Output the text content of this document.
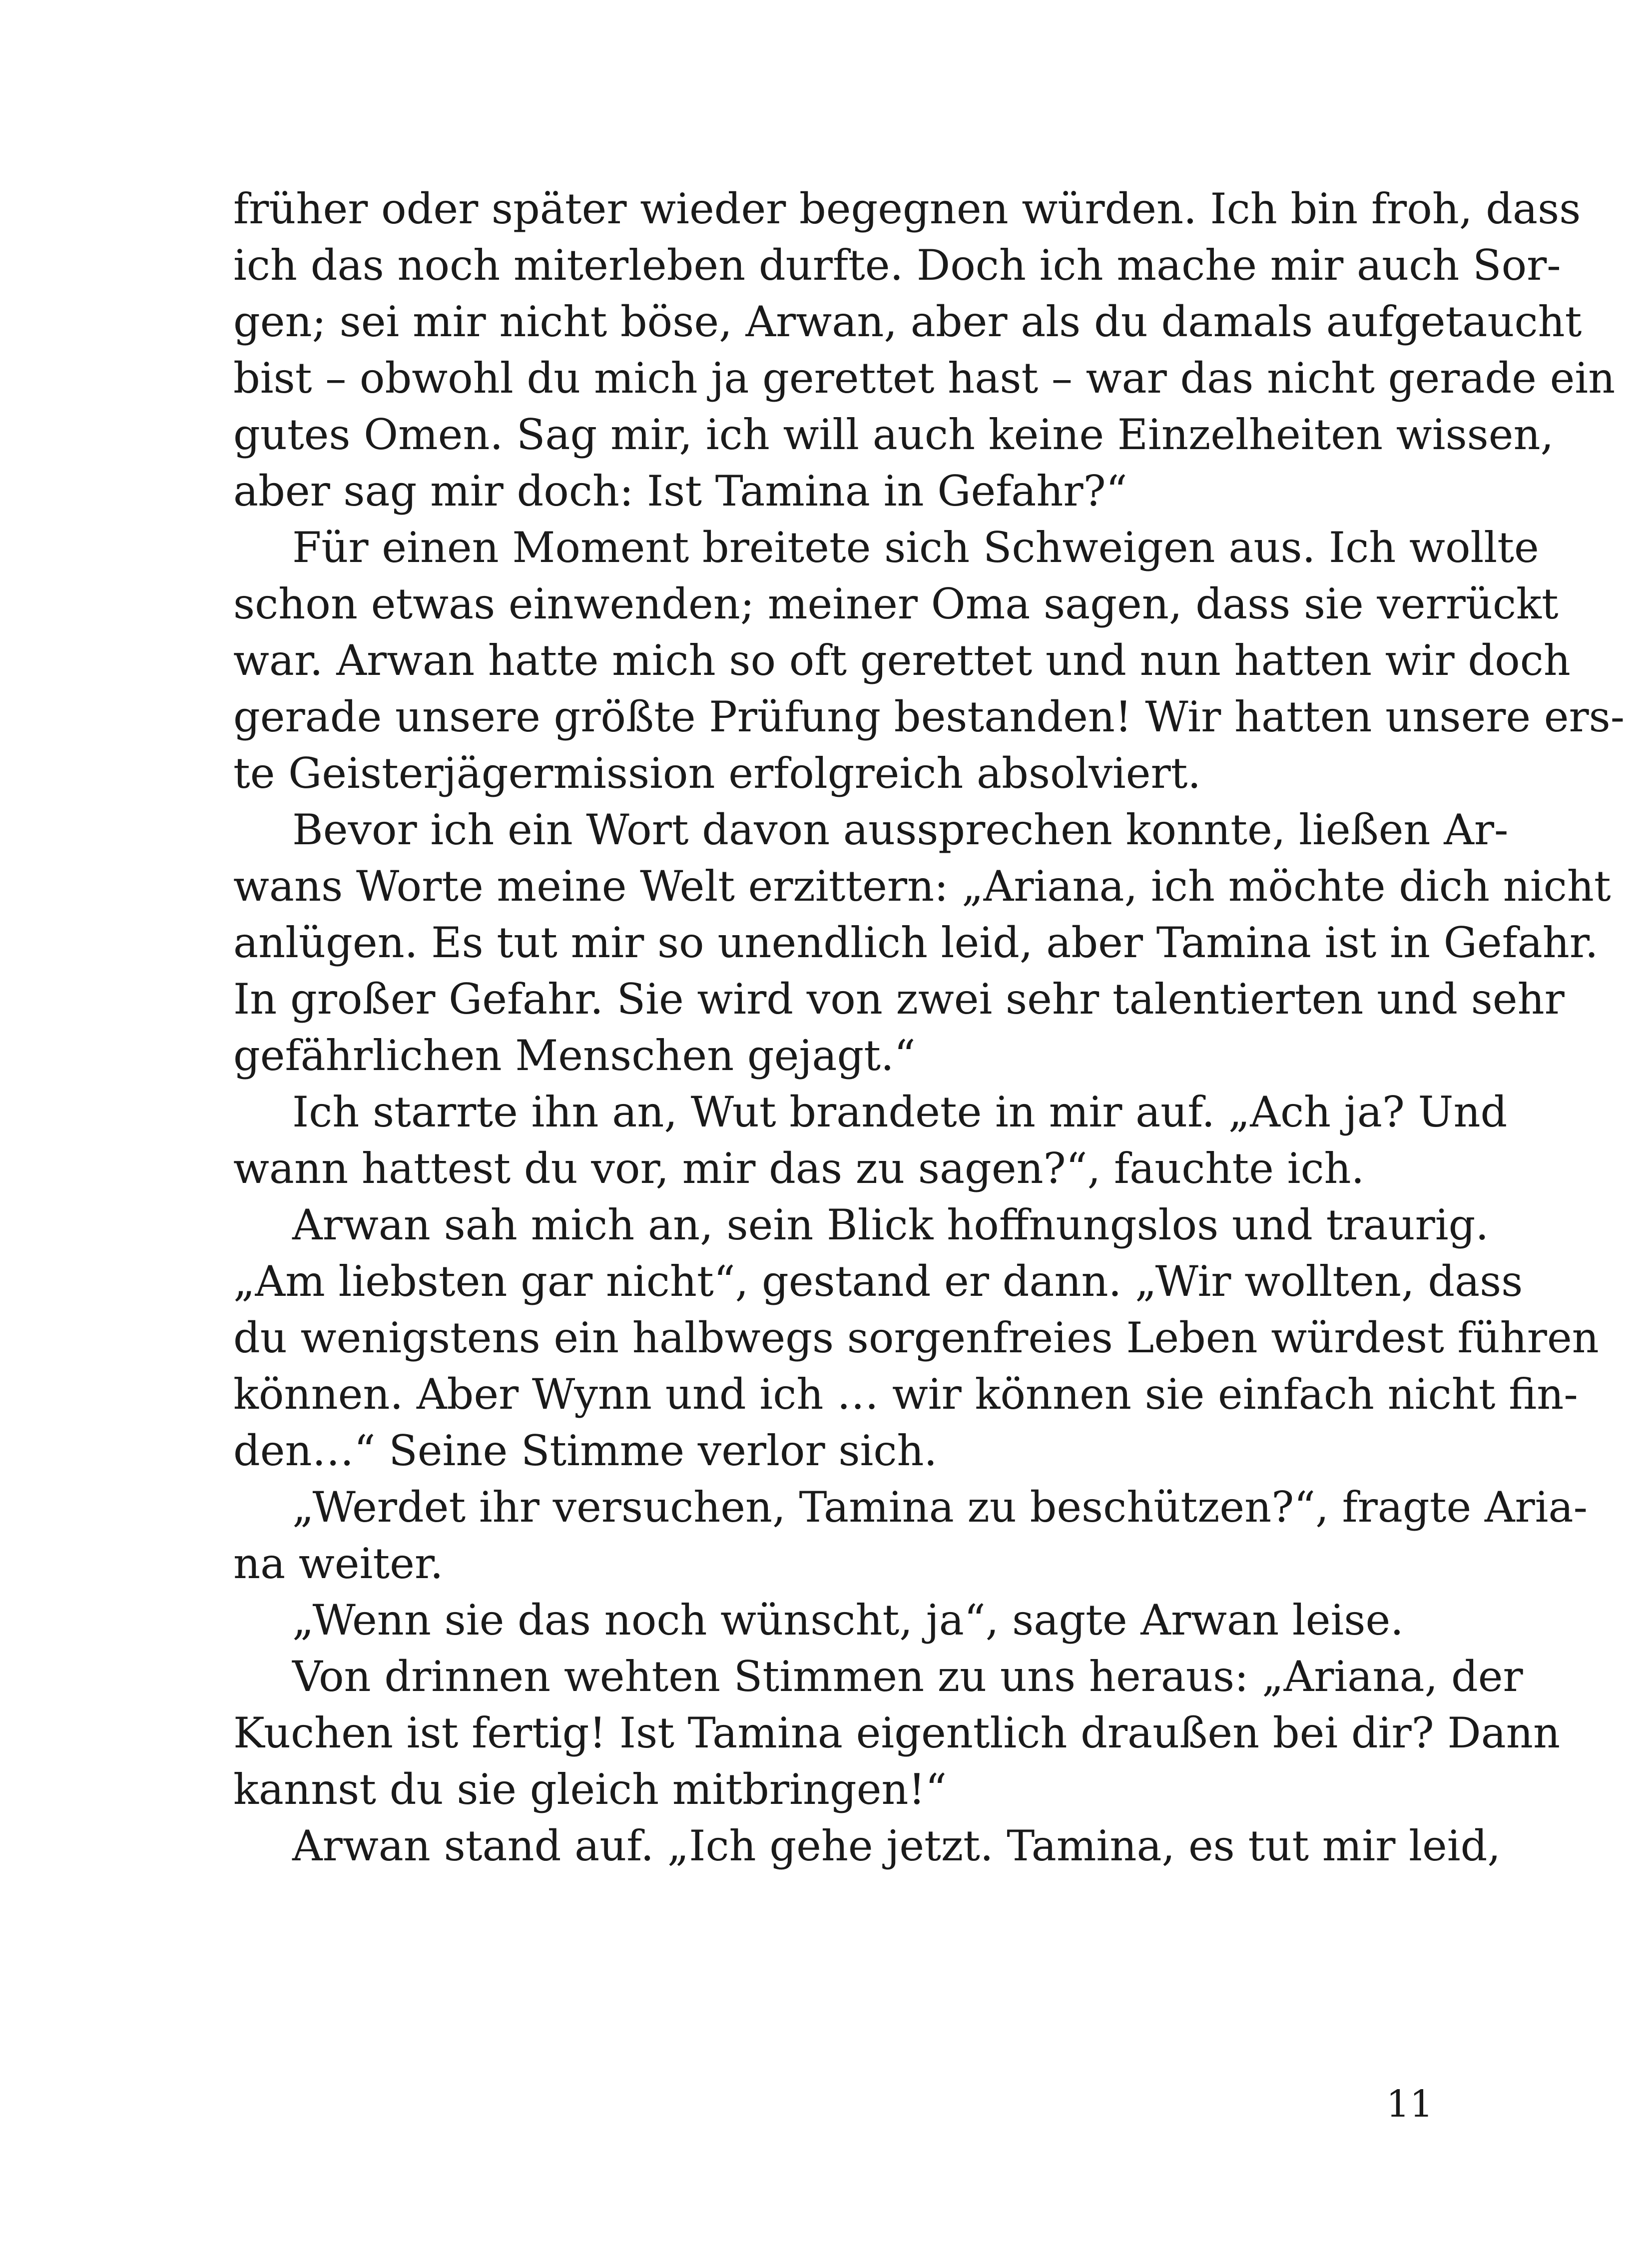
früher oder später wieder begegnen würden. Ich bin froh, dass
ich das noch miterleben durfte. Doch ich mache mir auch Sor-
gen; sei mir nicht böse, Arwan, aber als du damals aufgetaucht
bist – obwohl du mich ja gerettet hast – war das nicht gerade ein
gutes Omen. Sag mir, ich will auch keine Einzelheiten wissen,
aber sag mir doch: Ist Tamina in Gefahr?“
Für einen Moment breitete sich Schweigen aus. Ich wollte
schon etwas einwenden; meiner Oma sagen, dass sie verrückt
war. Arwan hatte mich so oft gerettet und nun hatten wir doch
gerade unsere größte Prüfung bestanden! Wir hatten unsere ers-
te Geisterjägermission erfolgreich absolviert.
Bevor ich ein Wort davon aussprechen konnte, ließen Ar-
wans Worte meine Welt erzittern: „Ariana, ich möchte dich nicht
anlügen. Es tut mir so unendlich leid, aber Tamina ist in Gefahr.
In großer Gefahr. Sie wird von zwei sehr talentierten und sehr
gefährlichen Menschen gejagt.“
Ich starrte ihn an, Wut brandete in mir auf. „Ach ja? Und
wann hattest du vor, mir das zu sagen?“, fauchte ich.
Arwan sah mich an, sein Blick hoffnungslos und traurig.
„Am liebsten gar nicht“, gestand er dann. „Wir wollten, dass
du wenigstens ein halbwegs sorgenfreies Leben würdest führen
können. Aber Wynn und ich … wir können sie einfach nicht fin-
den…“ Seine Stimme verlor sich.
„Werdet ihr versuchen, Tamina zu beschützen?“, fragte Aria-
na weiter.
„Wenn sie das noch wünscht, ja“, sagte Arwan leise.
Von drinnen wehten Stimmen zu uns heraus: „Ariana, der
Kuchen ist fertig! Ist Tamina eigentlich draußen bei dir? Dann
kannst du sie gleich mitbringen!“
Arwan stand auf. „Ich gehe jetzt. Tamina, es tut mir leid,
11
